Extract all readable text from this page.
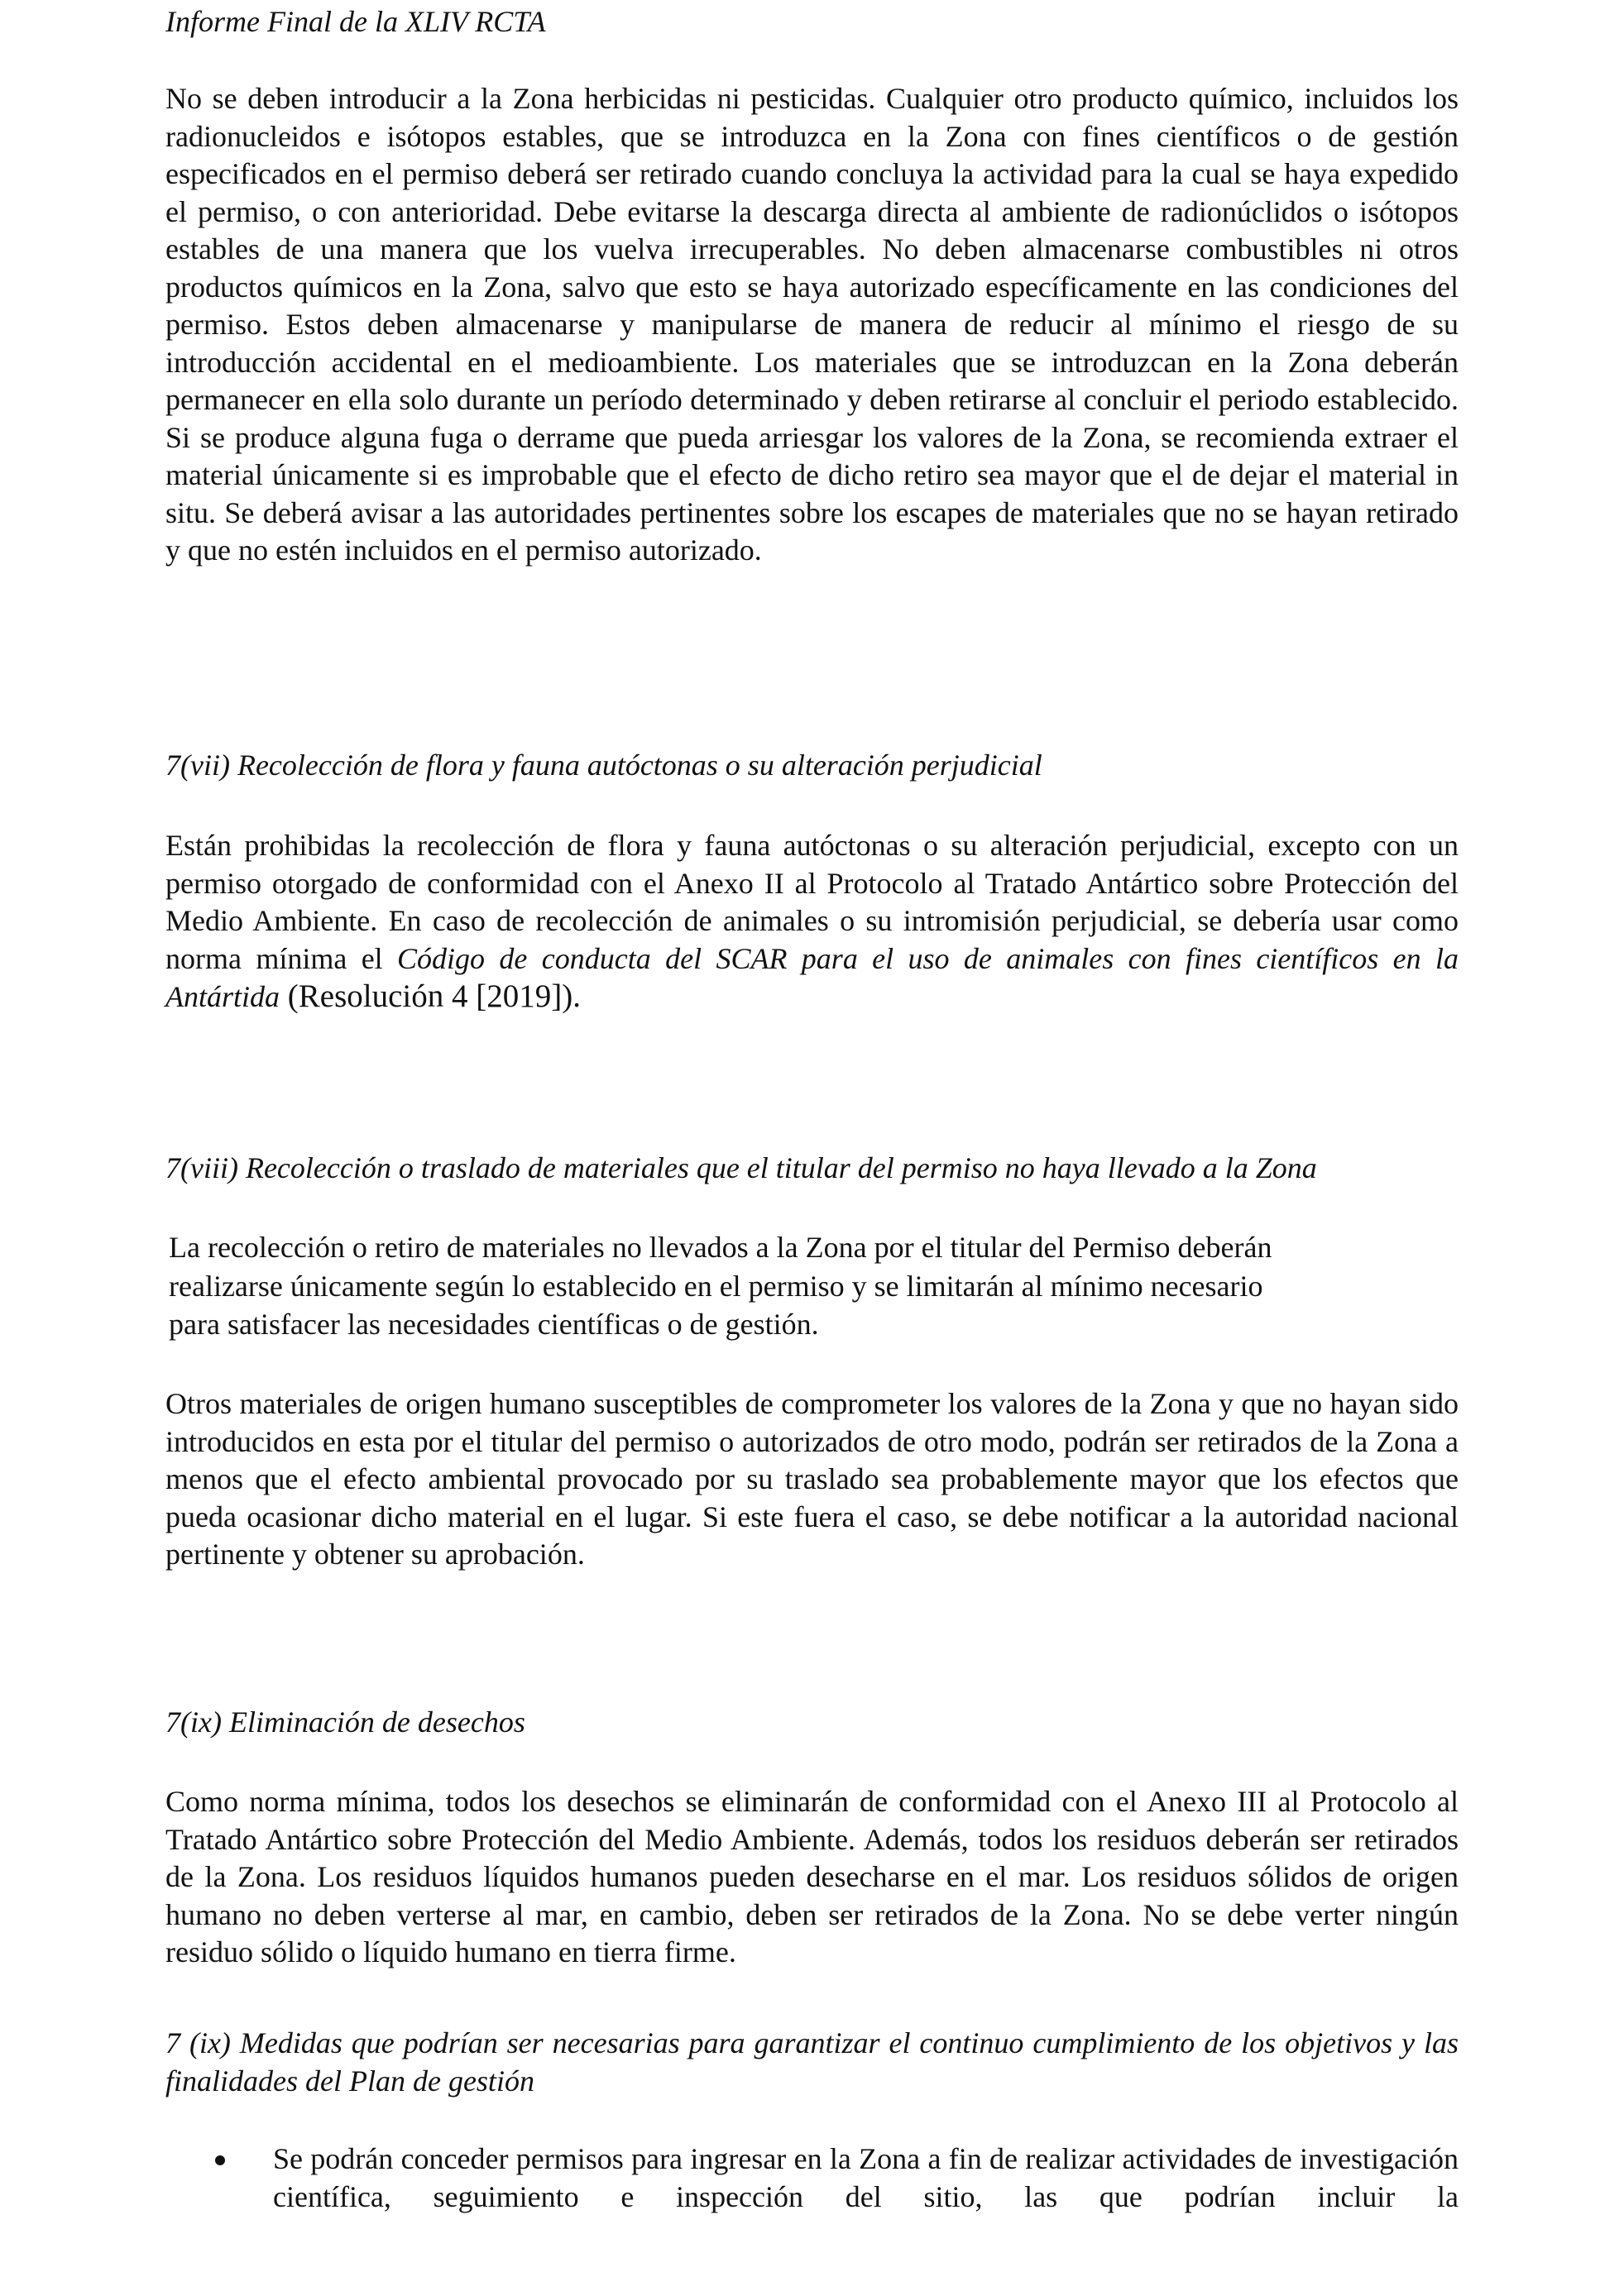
Informe Final de la XLIV RCTA

No se deben introducir a la Zona herbicidas ni pesticidas. Cualquier otro producto químico, incluidos los radionucleidos e isótopos estables, que se introduzca en la Zona con fines científicos o de gestión especificados en el permiso deberá ser retirado cuando concluya la actividad para la cual se haya expedido el permiso, o con anterioridad. Debe evitarse la descarga directa al ambiente de radionúclidos o isótopos estables de una manera que los vuelva irrecuperables. No deben almacenarse combustibles ni otros productos químicos en la Zona, salvo que esto se haya autorizado específicamente en las condiciones del permiso. Estos deben almacenarse y manipularse de manera de reducir al mínimo el riesgo de su introducción accidental en el medioambiente. Los materiales que se introduzcan en la Zona deberán permanecer en ella solo durante un período determinado y deben retirarse al concluir el periodo establecido. Si se produce alguna fuga o derrame que pueda arriesgar los valores de la Zona, se recomienda extraer el material únicamente si es improbable que el efecto de dicho retiro sea mayor que el de dejar el material in situ. Se deberá avisar a las autoridades pertinentes sobre los escapes de materiales que no se hayan retirado y que no estén incluidos en el permiso autorizado.

7(vii) Recolección de flora y fauna autóctonas o su alteración perjudicial

Están prohibidas la recolección de flora y fauna autóctonas o su alteración perjudicial, excepto con un permiso otorgado de conformidad con el Anexo II al Protocolo al Tratado Antártico sobre Protección del Medio Ambiente. En caso de recolección de animales o su intromisión perjudicial, se debería usar como norma mínima el Código de conducta del SCAR para el uso de animales con fines científicos en la Antártida (Resolución 4 [2019]).

7(viii) Recolección o traslado de materiales que el titular del permiso no haya llevado a la Zona

La recolección o retiro de materiales no llevados a la Zona por el titular del Permiso deberán
realizarse únicamente según lo establecido en el permiso y se limitarán al mínimo necesario
para satisfacer las necesidades científicas o de gestión.

Otros materiales de origen humano susceptibles de comprometer los valores de la Zona y que no hayan sido introducidos en esta por el titular del permiso o autorizados de otro modo, podrán ser retirados de la Zona a menos que el efecto ambiental provocado por su traslado sea probablemente mayor que los efectos que pueda ocasionar dicho material en el lugar. Si este fuera el caso, se debe notificar a la autoridad nacional pertinente y obtener su aprobación.

7(ix) Eliminación de desechos

Como norma mínima, todos los desechos se eliminarán de conformidad con el Anexo III al Protocolo al Tratado Antártico sobre Protección del Medio Ambiente. Además, todos los residuos deberán ser retirados de la Zona. Los residuos líquidos humanos pueden desecharse en el mar. Los residuos sólidos de origen humano no deben verterse al mar, en cambio, deben ser retirados de la Zona. No se debe verter ningún residuo sólido o líquido humano en tierra firme.

7 (ix) Medidas que podrían ser necesarias para garantizar el continuo cumplimiento de los objetivos y las finalidades del Plan de gestión

Se podrán conceder permisos para ingresar en la Zona a fin de realizar actividades de investigación científica, seguimiento e inspección del sitio, las que podrían incluir la
